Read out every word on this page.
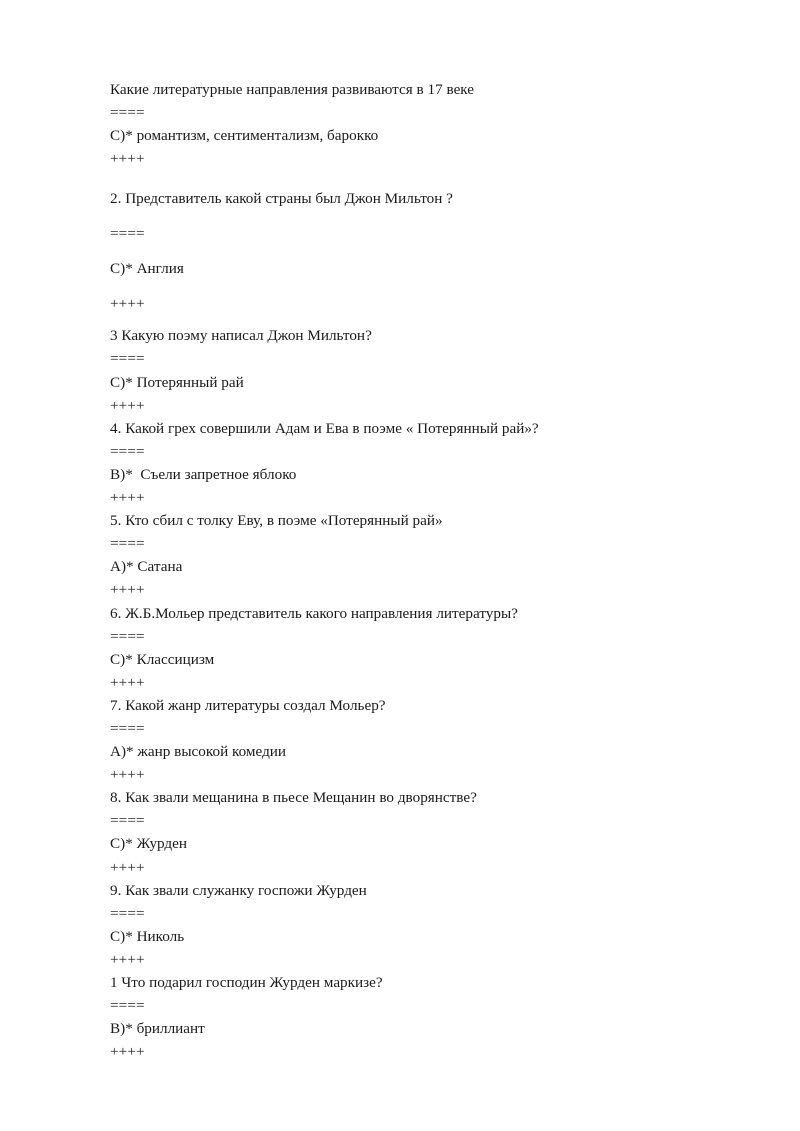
Какие литературные направления развиваются в 17 веке

====

C)* романтизм, сентиментализм, барокко

++++

2. Представитель какой страны был Джон Мильтон ?

====

C)* Англия

++++

3 Какую поэму написал Джон Мильтон?

====

C)* Потерянный рай

++++

4. Какой грех совершили Адам и Ева в поэме « Потерянный рай»?

====

B)*  Съели запретное яблоко

++++

5. Кто сбил с толку Еву, в поэме «Потерянный рай»

====

A)* Сатана

++++

6. Ж.Б.Мольер представитель какого направления литературы?

====

C)* Классицизм

++++

7. Какой жанр литературы создал Мольер?

====

A)* жанр высокой комедии

++++

8. Как звали мещанина в пьесе Мещанин во дворянстве?

====

C)* Журден

++++

9. Как звали служанку госпожи Журден

====

C)* Николь

++++

1 Что подарил господин Журден маркизе?

====

B)* бриллиант

++++
